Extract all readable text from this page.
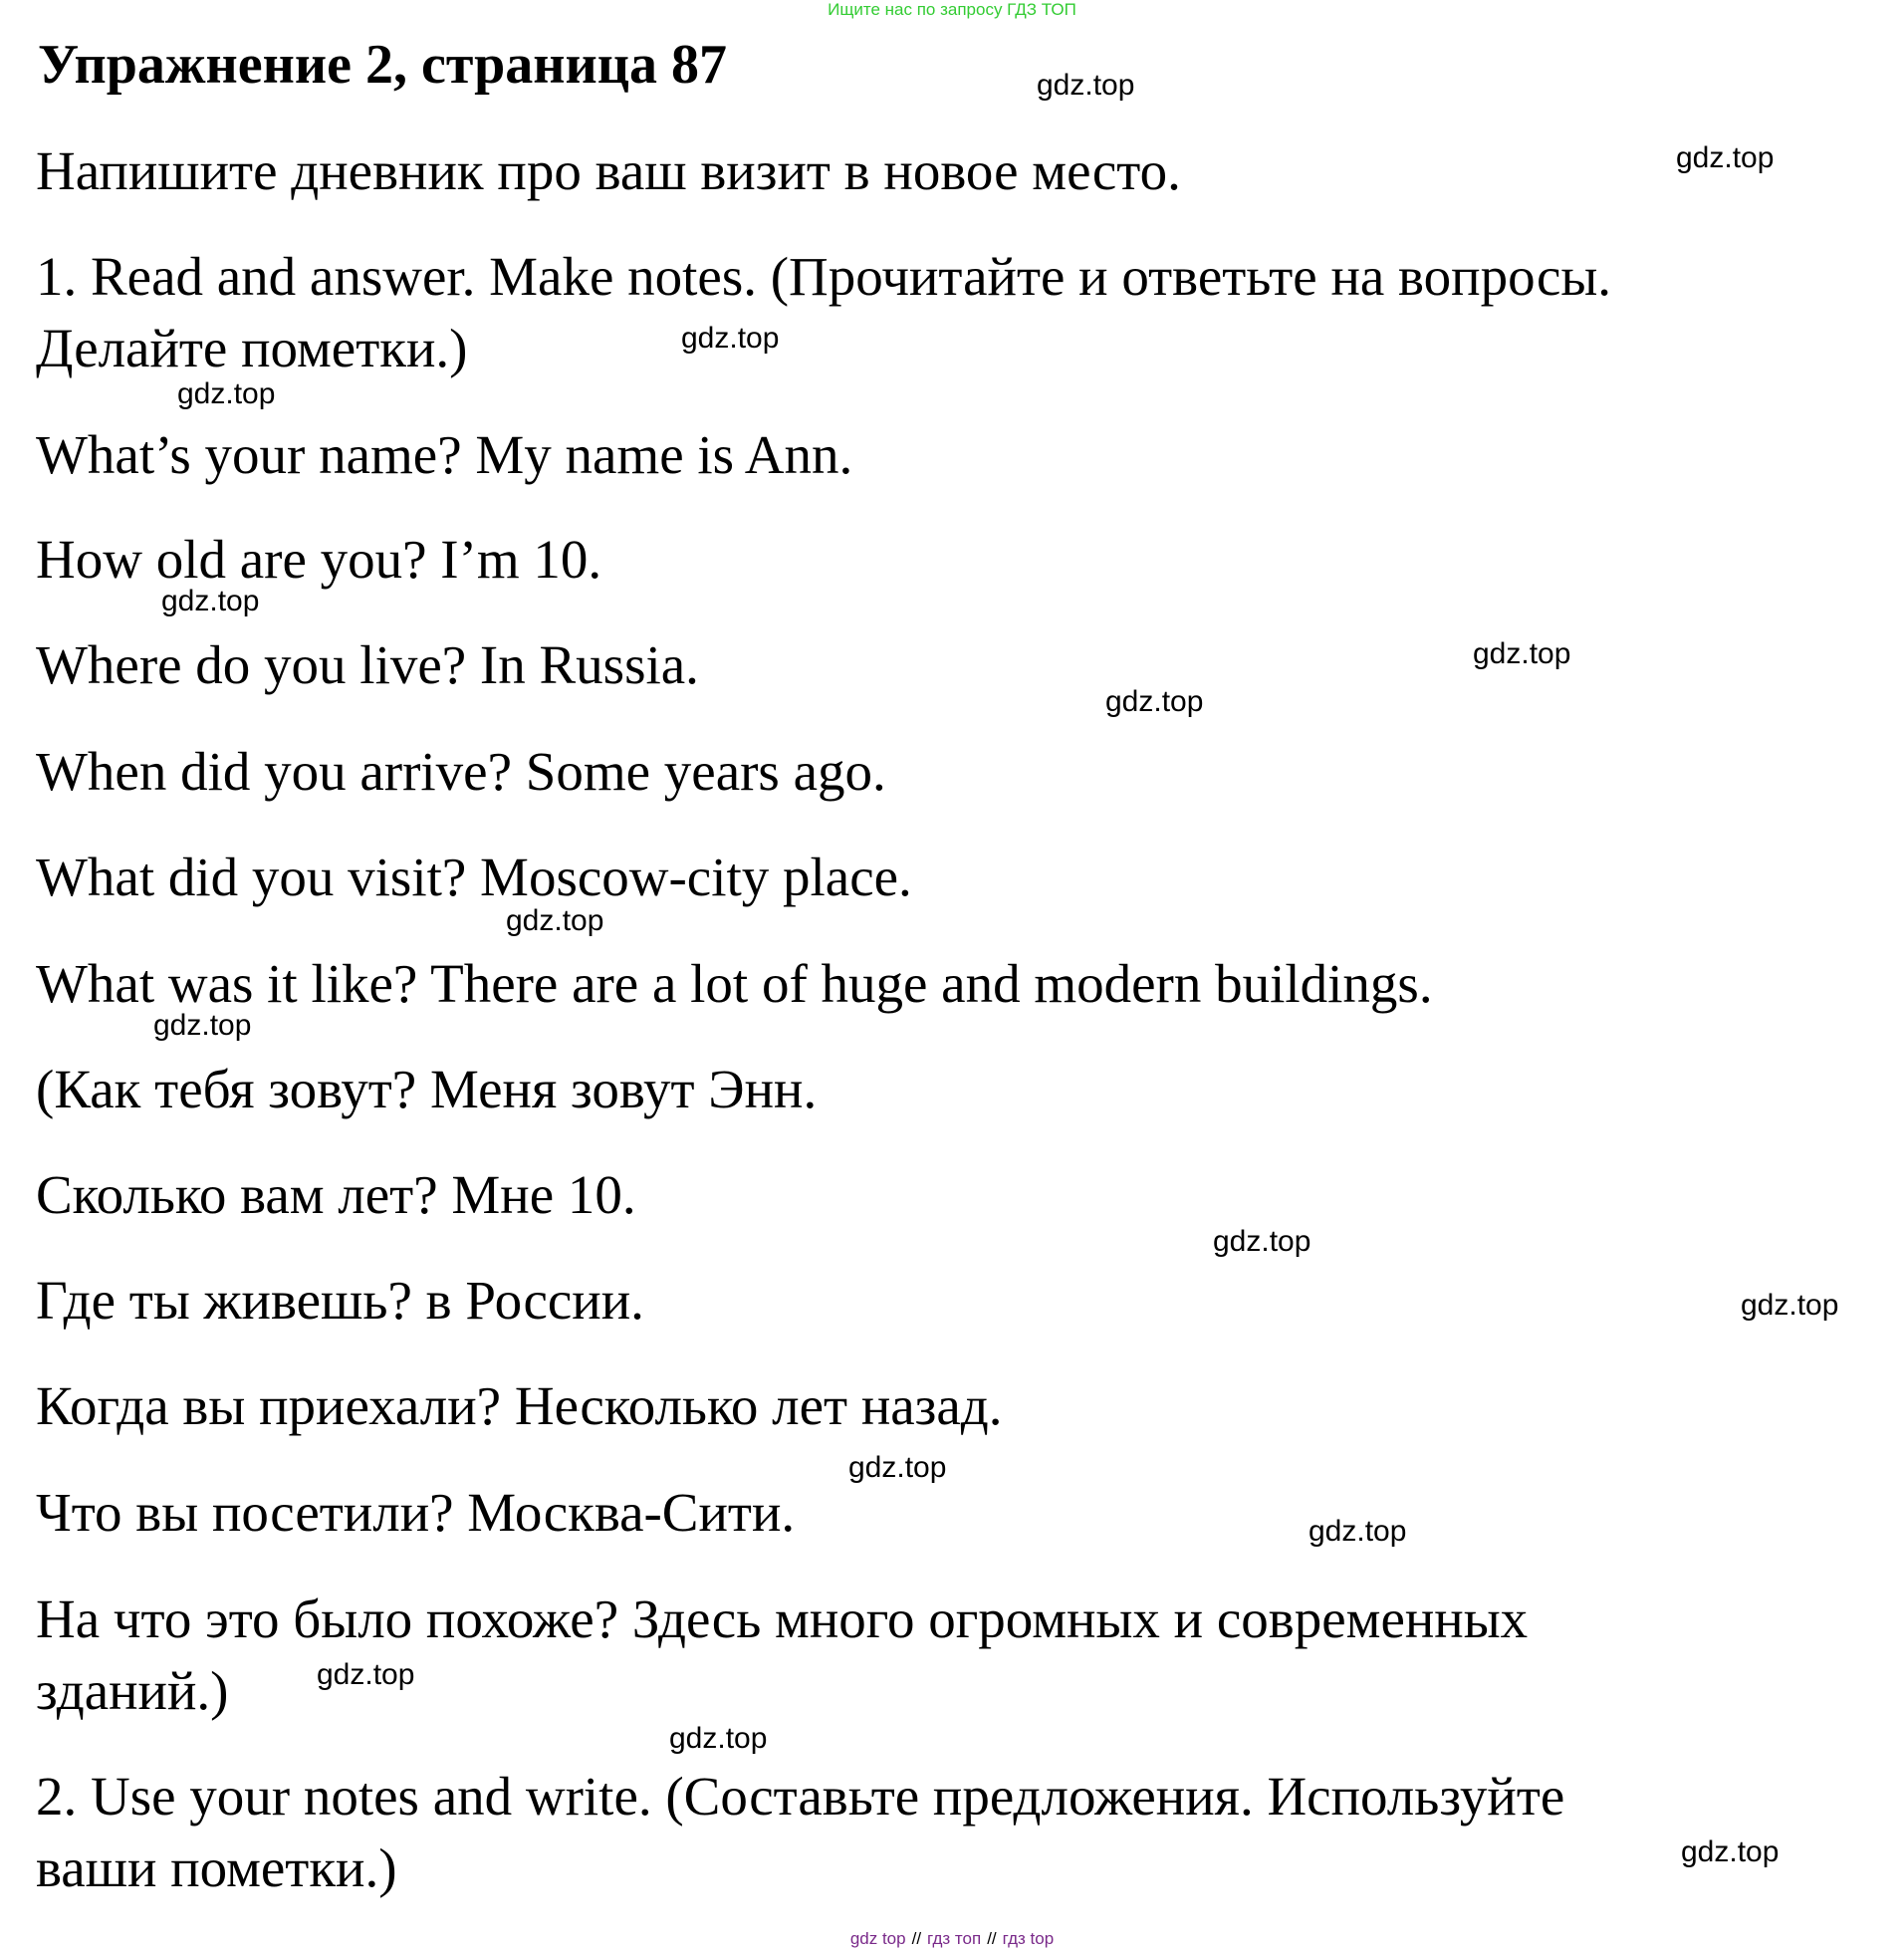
Ищите нас по запросу ГДЗ ТОП
Упражнение 2, страница 87
Напишите дневник про ваш визит в новое место.
1. Read and answer. Make notes. (Прочитайте и ответьте на вопросы.
Делайте пометки.)
What’s your name? My name is Ann.
How old are you? I’m 10.
Where do you live? In Russia.
When did you arrive? Some years ago.
What did you visit? Moscow-city place.
What was it like? There are a lot of huge and modern buildings.
(Как тебя зовут? Меня зовут Энн.
Сколько вам лет? Мне 10.
Где ты живешь? в России.
Когда вы приехали? Несколько лет назад.
Что вы посетили? Москва-Сити.
На что это было похоже? Здесь много огромных и современных
зданий.)
2. Use your notes and write. (Составьте предложения. Используйте
ваши пометки.)
gdz.top
gdz.top
gdz.top
gdz.top
gdz.top
gdz.top
gdz.top
gdz.top
gdz.top
gdz.top
gdz.top
gdz.top
gdz.top
gdz.top
gdz.top
gdz.top
gdz top // гдз топ // гдз top
